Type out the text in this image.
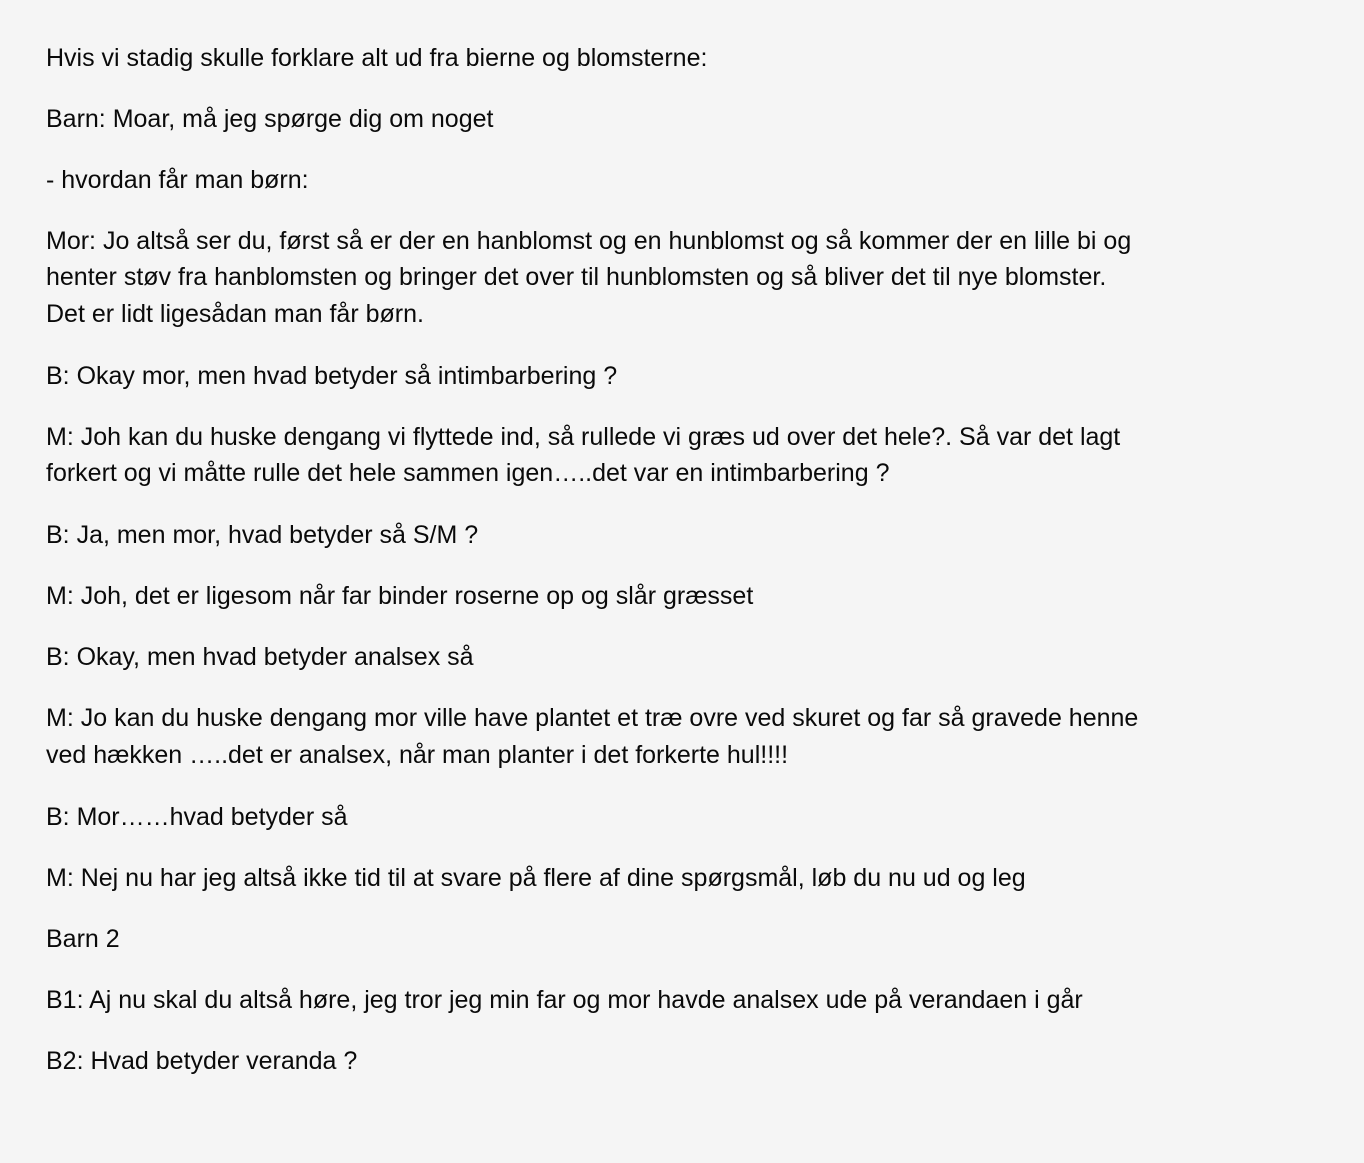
Hvis vi stadig skulle forklare alt ud fra bierne og blomsterne:

Barn: Moar, må jeg spørge dig om noget

- hvordan får man børn:

Mor: Jo altså ser du, først så er der en hanblomst og en hunblomst og så kommer der en lille bi og

henter støv fra hanblomsten og bringer det over til hunblomsten og så bliver det til nye blomster.

Det er lidt ligesådan man får børn.

B: Okay mor, men hvad betyder så intimbarbering ?

M: Joh kan du huske dengang vi flyttede ind, så rullede vi græs ud over det hele?. Så var det lagt

forkert og vi måtte rulle det hele sammen igen…..det var en intimbarbering ?

B: Ja, men mor, hvad betyder så S/M ?

M: Joh, det er ligesom når far binder roserne op og slår græsset

B: Okay, men hvad betyder analsex så

M: Jo kan du huske dengang mor ville have plantet et træ ovre ved skuret og far så gravede henne

ved hækken …..det er analsex, når man planter i det forkerte hul!!!!

B: Mor……hvad betyder så

M: Nej nu har jeg altså ikke tid til at svare på flere af dine spørgsmål, løb du nu ud og leg

Barn 2

B1: Aj nu skal du altså høre, jeg tror jeg min far og mor havde analsex ude på verandaen i går

B2: Hvad betyder veranda ?
